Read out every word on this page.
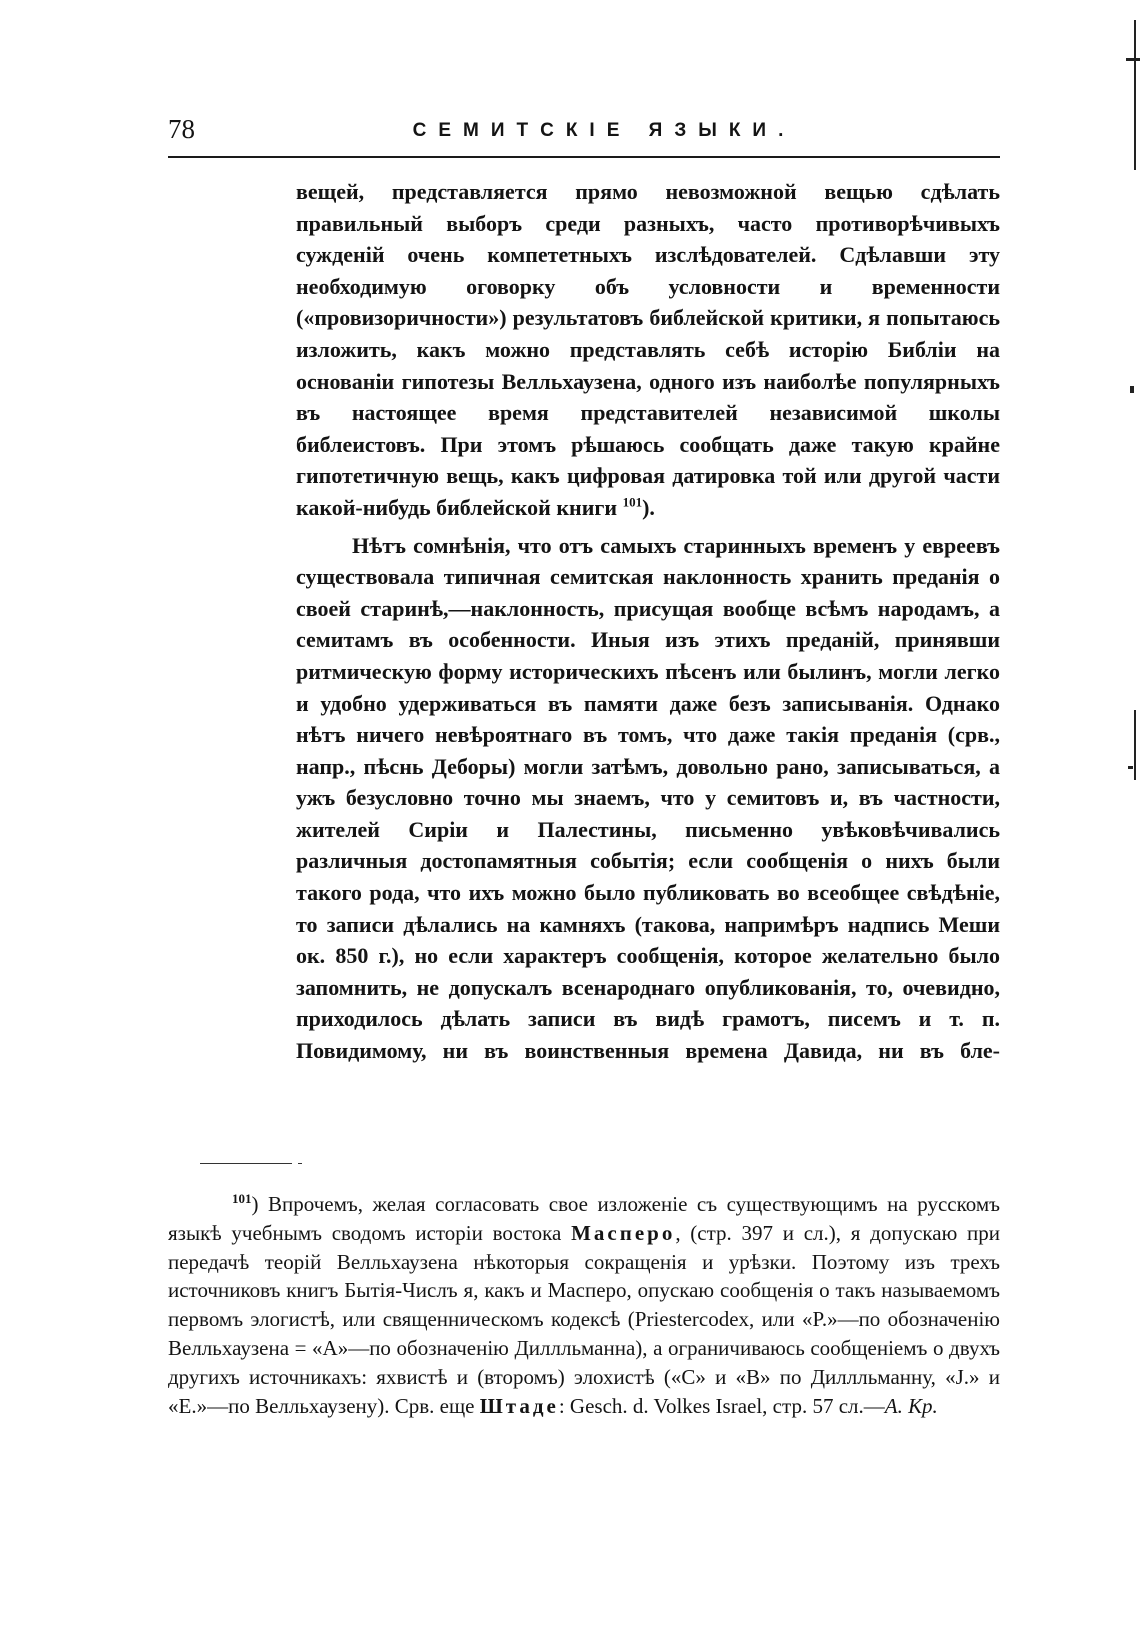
78	СЕМИТСКІЕ ЯЗЫКИ.

вещей, представляется прямо невозможной вещью сдѣлать правильный выборъ среди разныхъ, часто противорѣчивыхъ сужденій очень компететныхъ изслѣдователей. Сдѣлавши эту необходимую оговорку объ условности и временности («провизоричности») результатовъ библейской критики, я попытаюсь изложить, какъ можно представлять себѣ исторію Библіи на основаніи гипотезы Велльхаузена, одного изъ наиболѣе популярныхъ въ настоящее время представителей независимой школы библеистовъ. При этомъ рѣшаюсь сообщать даже такую крайне гипотетичную вещь, какъ цифровая датировка той или другой части какой-нибудь библейской книги $^{101}$).

Нѣтъ сомнѣнія, что отъ самыхъ старинныхъ временъ у евреевъ существовала типичная семитская наклонность хранить преданія о своей старинѣ,—наклонность, присущая вообще всѣмъ народамъ, а семитамъ въ особенности. Иныя изъ этихъ преданій, принявши ритмическую форму историческихъ пѣсенъ или былинъ, могли легко и удобно удерживаться въ памяти даже безъ записыванія. Однако нѣтъ ничего невѣроятнаго въ томъ, что даже такія преданія (срв., напр., пѣснь Деборы) могли затѣмъ, довольно рано, записываться, а ужъ безусловно точно мы знаемъ, что у семитовъ и, въ частности, жителей Сиріи и Палестины, письменно увѣковѣчивались различныя достопамятныя событія; если сообщенія о нихъ были такого рода, что ихъ можно было публиковать во всеобщее свѣдѣніе, то записи дѣлались на камняхъ (такова, напримѣръ надпись Меши ок. 850 г.), но если характеръ сообщенія, которое желательно было запомнить, не допускалъ всенароднаго опубликованія, то, очевидно, приходилось дѣлать записи въ видѣ грамотъ, писемъ и т. п. Повидимому, ни въ воинственныя времена Давида, ни въ бле-

$^{101}$) Впрочемъ, желая согласовать свое изложеніе съ существующимъ на русскомъ языкѣ учебнымъ сводомъ исторіи востока Масперо, (стр. 397 и сл.), я допускаю при передачѣ теорій Велльхаузена нѣкоторыя сокращенія и урѣзки. Поэтому изъ трехъ источниковъ книгъ Бытія-Числъ я, какъ и Масперо, опускаю сообщенія о такъ называемомъ первомъ элогистѣ, или священническомъ кодексѣ (Priestercodex, или «P.»—по обозначенію Велльхаузена = «A»—по обозначенію Диллльманна), а ограничиваюсь сообщеніемъ о двухъ другихъ источникахъ: яхвистѣ и (второмъ) элохистѣ («C» и «B» по Диллльманну, «J.» и «E.»—по Велльхаузену). Срв. еще Штаде: Gesch. d. Volkes Israel, стр. 57 сл.—А. Кр.
